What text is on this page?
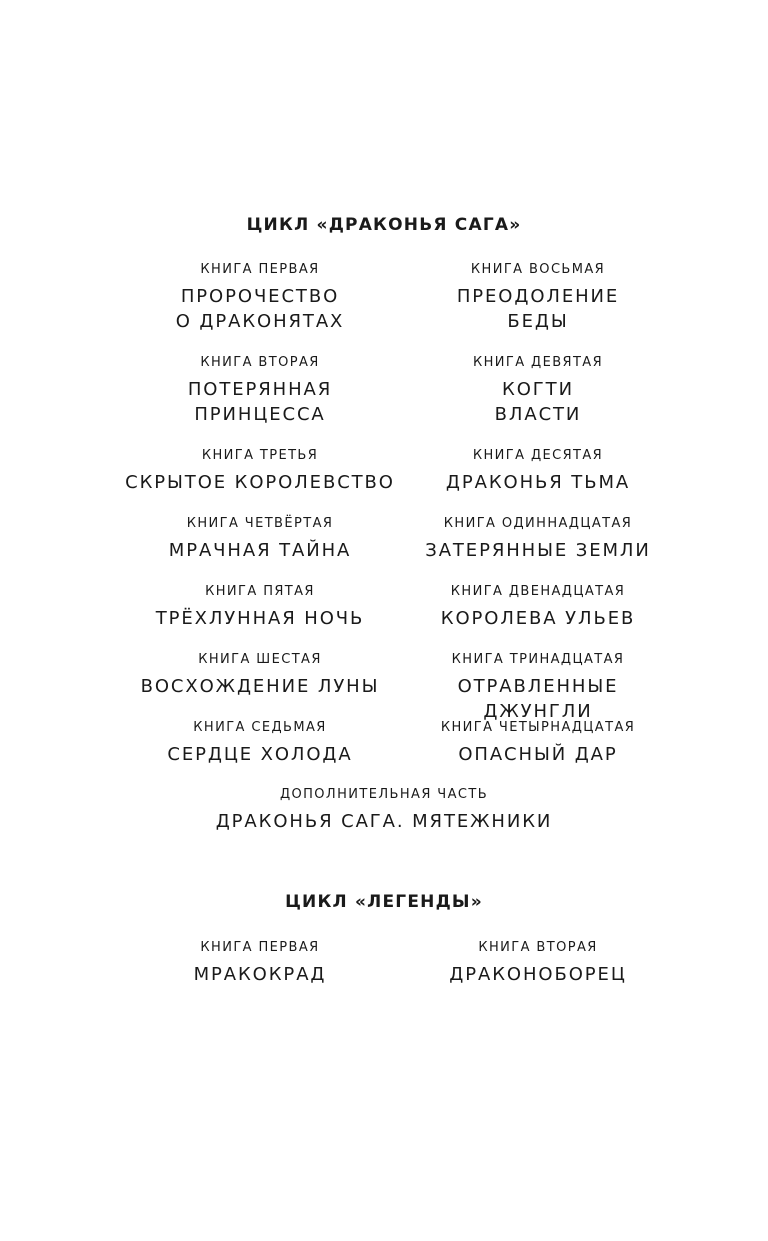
ЦИКЛ «ДРАКОНЬЯ САГА»
КНИГА ПЕРВАЯ
ПРОРОЧЕСТВО
О ДРАКОНЯТАХ
КНИГА ВТОРАЯ
ПОТЕРЯННАЯ
ПРИНЦЕССА
КНИГА ТРЕТЬЯ
СКРЫТОЕ КОРОЛЕВСТВО
КНИГА ЧЕТВЁРТАЯ
МРАЧНАЯ ТАЙНА
КНИГА ПЯТАЯ
ТРЁХЛУННАЯ НОЧЬ
КНИГА ШЕСТАЯ
ВОСХОЖДЕНИЕ ЛУНЫ
КНИГА СЕДЬМАЯ
СЕРДЦЕ ХОЛОДА
КНИГА ВОСЬМАЯ
ПРЕОДОЛЕНИЕ
БЕДЫ
КНИГА ДЕВЯТАЯ
КОГТИ
ВЛАСТИ
КНИГА ДЕСЯТАЯ
ДРАКОНЬЯ ТЬМА
КНИГА ОДИННАДЦАТАЯ
ЗАТЕРЯННЫЕ ЗЕМЛИ
КНИГА ДВЕНАДЦАТАЯ
КОРОЛЕВА УЛЬЕВ
КНИГА ТРИНАДЦАТАЯ
ОТРАВЛЕННЫЕ ДЖУНГЛИ
КНИГА ЧЕТЫРНАДЦАТАЯ
ОПАСНЫЙ ДАР
ДОПОЛНИТЕЛЬНАЯ ЧАСТЬ
ДРАКОНЬЯ САГА. МЯТЕЖНИКИ
ЦИКЛ «ЛЕГЕНДЫ»
КНИГА ПЕРВАЯ
МРАКОКРАД
КНИГА ВТОРАЯ
ДРАКОНОБОРЕЦ
